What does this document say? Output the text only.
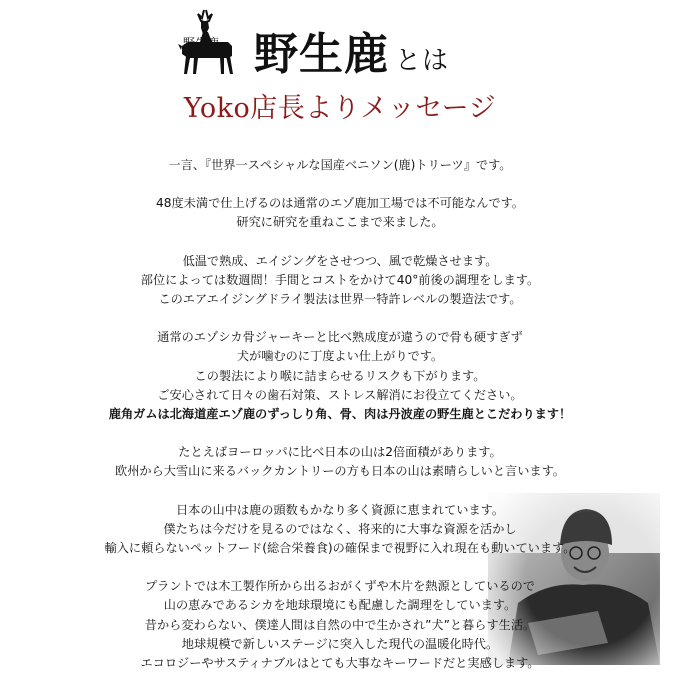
野生鹿 野生鹿 とは
Yoko店長よりメッセージ
一言、『世界一スペシャルな国産ベニソン(鹿)トリーツ』です。
48度未満で仕上げるのは通常のエゾ鹿加工場では不可能なんです。
研究に研究を重ねここまで来ました。
低温で熟成、エイジングをさせつつ、風で乾燥させます。
部位によっては数週間！手間とコストをかけて40°前後の調理をします。
このエアエイジングドライ製法は世界一特許レベルの製造法です。
通常のエゾシカ骨ジャーキーと比べ熟成度が違うので骨も硬すぎず
犬が噛むのに丁度よい仕上がりです。
この製法により喉に詰まらせるリスクも下がります。
ご安心されて日々の歯石対策、ストレス解消にお役立てください。
鹿角ガムは北海道産エゾ鹿のずっしり角、骨、肉は丹波産の野生鹿とこだわります！
たとえばヨーロッパに比べ日本の山は2倍面積があります。
欧州から大雪山に来るバックカントリーの方も日本の山は素晴らしいと言います。
日本の山中は鹿の頭数もかなり多く資源に恵まれています。
僕たちは今だけを見るのではなく、将来的に大事な資源を活かし
輸入に頼らないペットフード(総合栄養食)の確保まで視野に入れ現在も動いています。
プラントでは木工製作所から出るおがくずや木片を熱源としているので
山の恵みであるシカを地球環境にも配慮した調理をしています。
昔から変わらない、僕達人間は自然の中で生かされ”犬”と暮らす生活。
地球規模で新しいステージに突入した現代の温暖化時代。
エコロジーやサスティナブルはとても大事なキーワードだと実感します。
